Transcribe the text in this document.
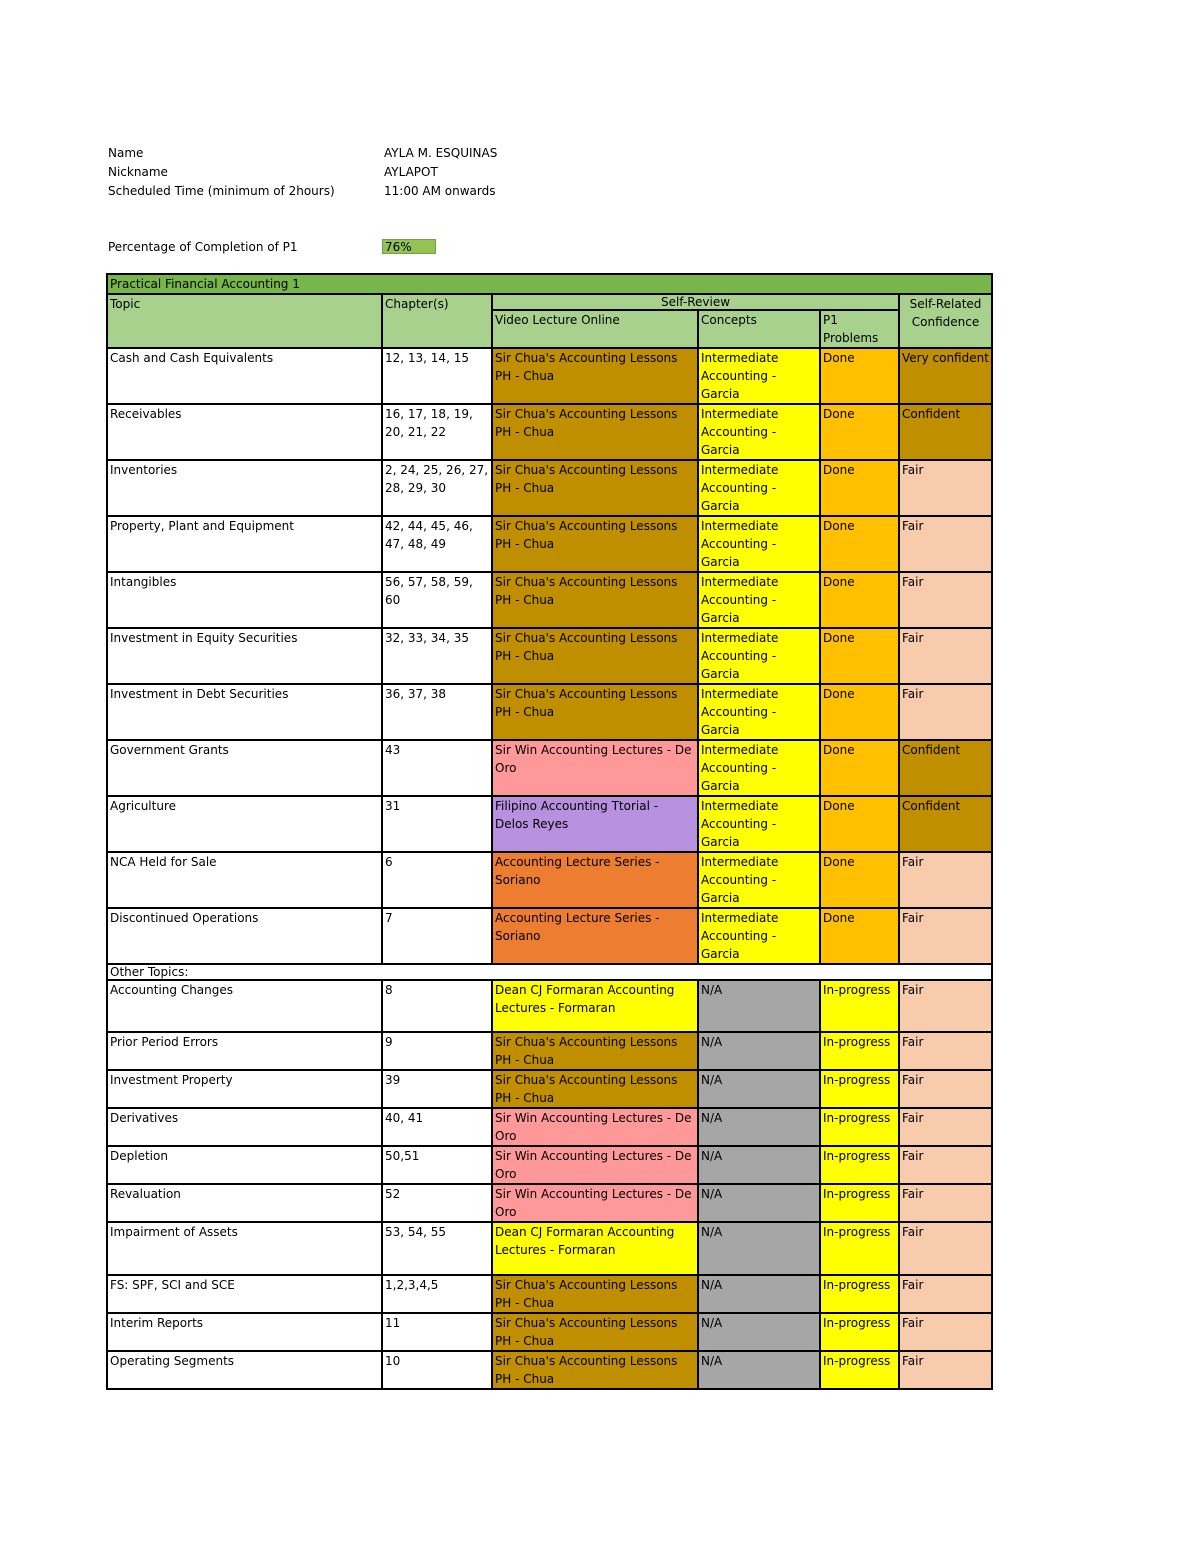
Name	AYLA M. ESQUINAS
Nickname	AYLAPOT
Scheduled Time (minimum of 2hours)	11:00 AM onwards
Percentage of Completion of P1	76%
Practical Financial Accounting 1					
Topic	Chapter(s)	Self-Review			Self-Related Confidence
		Video Lecture Online	Concepts	P1 Problems	
Cash and Cash Equivalents	12, 13, 14, 15	Sir Chua's Accounting Lessons PH - Chua	Intermediate Accounting - Garcia	Done	Very confident
Receivables	16, 17, 18, 19, 20, 21, 22	Sir Chua's Accounting Lessons PH - Chua	Intermediate Accounting - Garcia	Done	Confident
Inventories	2, 24, 25, 26, 27, 28, 29, 30	Sir Chua's Accounting Lessons PH - Chua	Intermediate Accounting - Garcia	Done	Fair
Property, Plant and Equipment	42, 44, 45, 46, 47, 48, 49	Sir Chua's Accounting Lessons PH - Chua	Intermediate Accounting - Garcia	Done	Fair
Intangibles	56, 57, 58, 59, 60	Sir Chua's Accounting Lessons PH - Chua	Intermediate Accounting - Garcia	Done	Fair
Investment in Equity Securities	32, 33, 34, 35	Sir Chua's Accounting Lessons PH - Chua	Intermediate Accounting - Garcia	Done	Fair
Investment in Debt Securities	36, 37, 38	Sir Chua's Accounting Lessons PH - Chua	Intermediate Accounting - Garcia	Done	Fair
Government Grants	43	Sir Win Accounting Lectures - De Oro	Intermediate Accounting - Garcia	Done	Confident
Agriculture	31	Filipino Accounting Ttorial - Delos Reyes	Intermediate Accounting - Garcia	Done	Confident
NCA Held for Sale	6	Accounting Lecture Series - Soriano	Intermediate Accounting - Garcia	Done	Fair
Discontinued Operations	7	Accounting Lecture Series - Soriano	Intermediate Accounting - Garcia	Done	Fair
Other Topics:					
Accounting Changes	8	Dean CJ Formaran Accounting Lectures - Formaran	N/A	In-progress	Fair
Prior Period Errors	9	Sir Chua's Accounting Lessons PH - Chua	N/A	In-progress	Fair
Investment Property	39	Sir Chua's Accounting Lessons PH - Chua	N/A	In-progress	Fair
Derivatives	40, 41	Sir Win Accounting Lectures - De Oro	N/A	In-progress	Fair
Depletion	50,51	Sir Win Accounting Lectures - De Oro	N/A	In-progress	Fair
Revaluation	52	Sir Win Accounting Lectures - De Oro	N/A	In-progress	Fair
Impairment of Assets	53, 54, 55	Dean CJ Formaran Accounting Lectures - Formaran	N/A	In-progress	Fair
FS: SPF, SCI and SCE	1,2,3,4,5	Sir Chua's Accounting Lessons PH - Chua	N/A	In-progress	Fair
Interim Reports	11	Sir Chua's Accounting Lessons PH - Chua	N/A	In-progress	Fair
Operating Segments	10	Sir Chua's Accounting Lessons PH - Chua	N/A	In-progress	Fair
